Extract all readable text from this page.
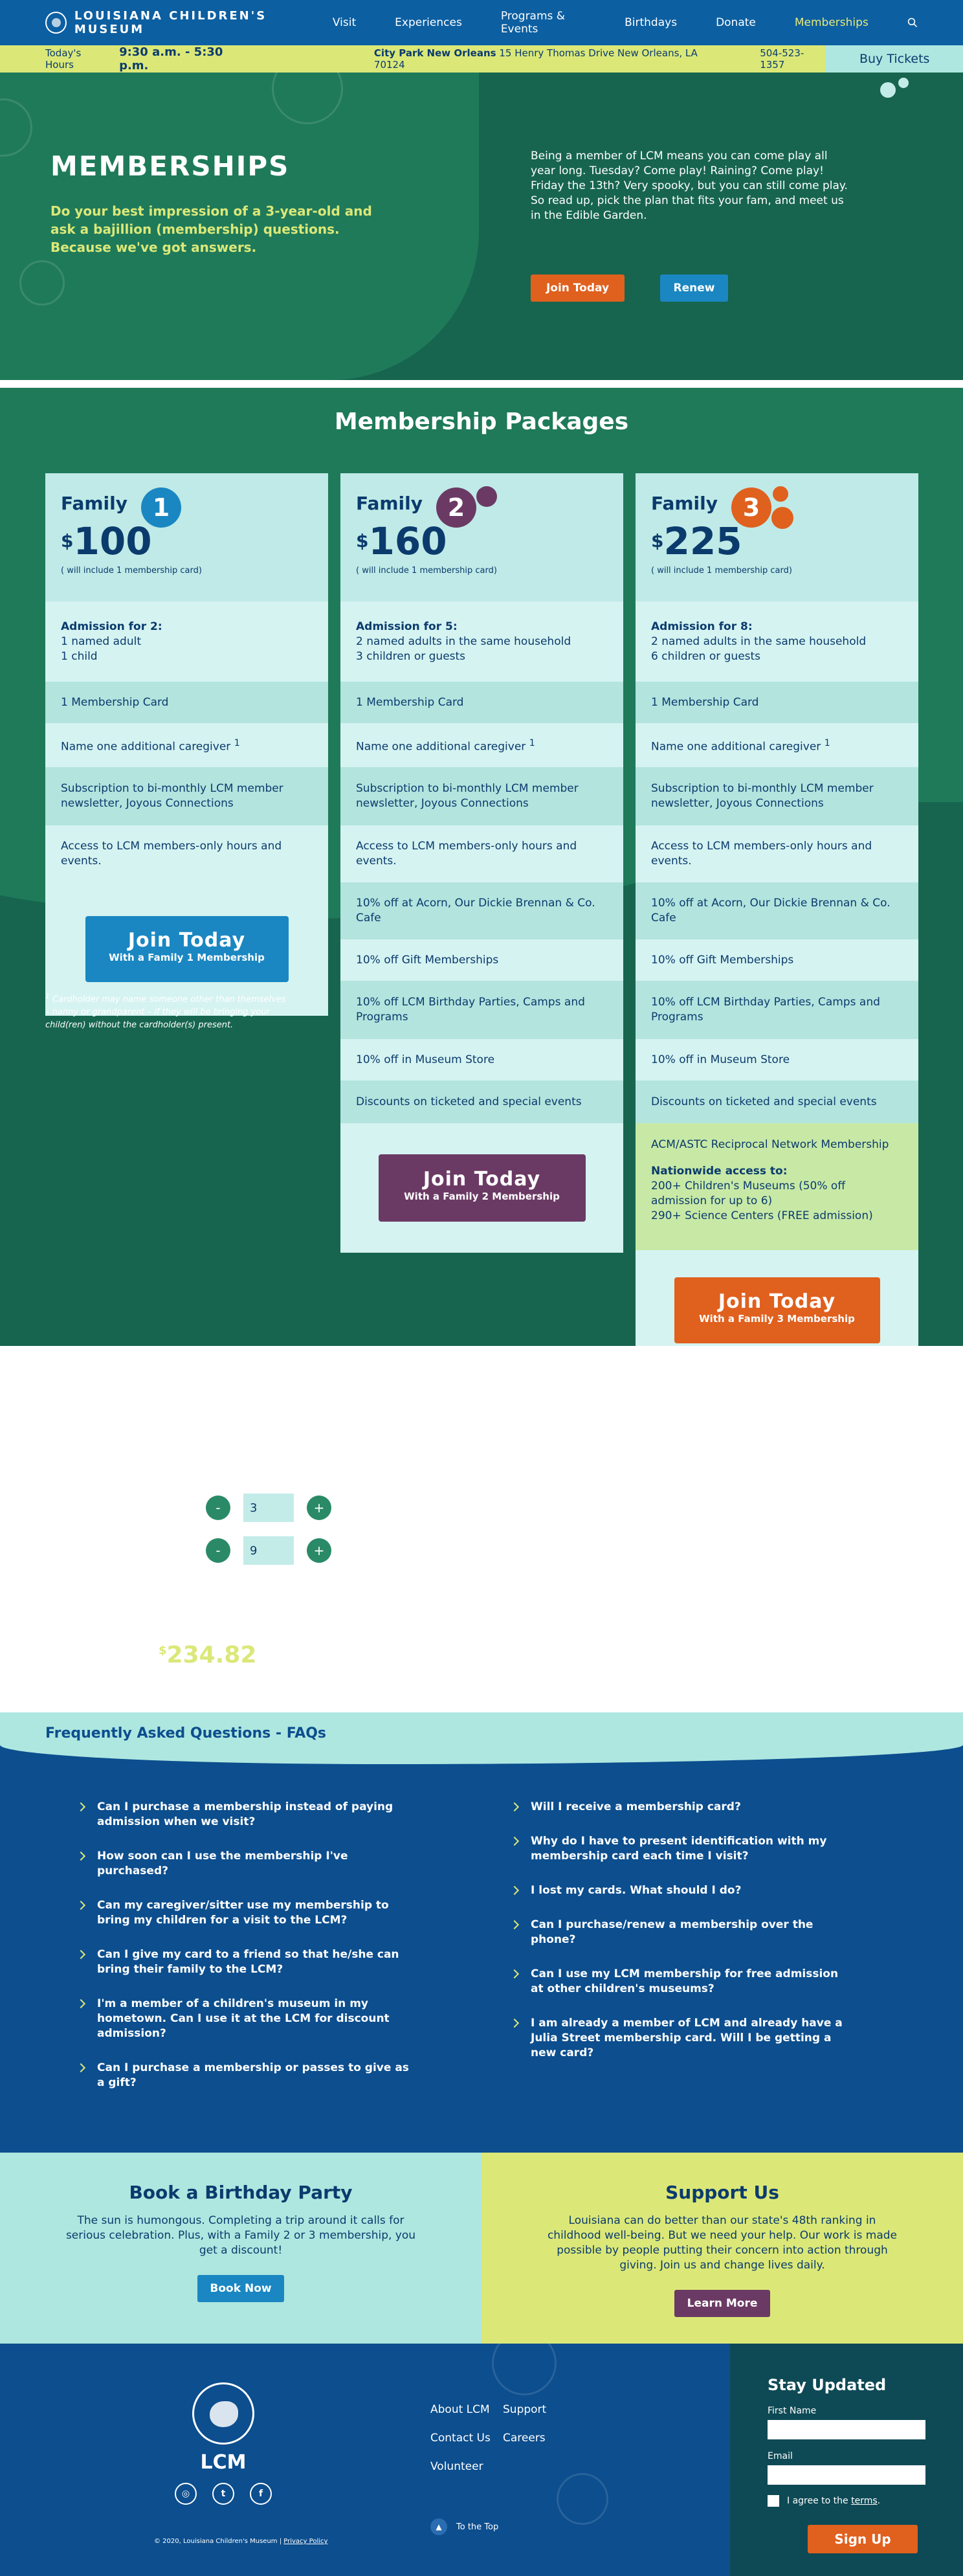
LOUISIANA CHILDREN'S MUSEUM	Visit	Experiences	Programs & Events	Birthdays	Donate	Memberships
Today's Hours
9:30 a.m. - 5:30 p.m.
City Park New Orleans 15 Henry Thomas Drive New Orleans, LA 70124
504-523-1357	Buy Tickets
MEMBERSHIPS

Do your best impression of a 3-year-old and ask a bajillion (membership) questions. Because we've got answers.

Being a member of LCM means you can come play all year long. Tuesday? Come play! Raining? Come play! Friday the 13th? Very spooky, but you can still come play. So read up, pick the plan that fits your fam, and meet us in the Edible Garden.

Join Today	Renew
Membership Packages
Family	1
$100
( will include 1 membership card)
Admission for 2:
1 named adult
1 child
1 Membership Card
Name one additional caregiver $^1$
Subscription to bi-monthly LCM member newsletter, Joyous Connections
Access to LCM members-only hours and events.
Join Today
With a Family 1 Membership
Family	2
$160
( will include 1 membership card)
Admission for 5:
2 named adults in the same household
3 children or guests
1 Membership Card
Name one additional caregiver $^1$
Subscription to bi-monthly LCM member newsletter, Joyous Connections
Access to LCM members-only hours and events.
10% off at Acorn, Our Dickie Brennan & Co. Cafe
10% off Gift Memberships
10% off LCM Birthday Parties, Camps and Programs
10% off in Museum Store
Discounts on ticketed and special events
Join Today
With a Family 2 Membership
Family	3
$225
( will include 1 membership card)
Admission for 8:
2 named adults in the same household
6 children or guests
1 Membership Card
Name one additional caregiver $^1$
Subscription to bi-monthly LCM member newsletter, Joyous Connections
Access to LCM members-only hours and events.
10% off at Acorn, Our Dickie Brennan & Co. Cafe
10% off Gift Memberships
10% off LCM Birthday Parties, Camps and Programs
10% off in Museum Store
Discounts on ticketed and special events
ACM/ASTC Reciprocal Network Membership
Nationwide access to:
200+ Children's Museums (50% off admission for up to 6)
290+ Science Centers (FREE admission)
Join Today
With a Family 3 Membership

$^1$ Cardholder may name someone other than themselves – nanny or grandparent – if they will be bringing your child(ren) without the cardholder(s) present.

Need help deciding if a membership makes sense? Enter your info below and check out how much an annual membership could save you.

No. of Visitors	-	3	+
No. of Visits	-	9	+
Regular admission price: $394.82
Save as much as $234.82 with a Family 2 Membership.
Frequently Asked Questions - FAQs
Can I purchase a membership instead of paying admission when we visit?
How soon can I use the membership I've purchased?
Can my caregiver/sitter use my membership to bring my children for a visit to the LCM?
Can I give my card to a friend so that he/she can bring their family to the LCM?
I'm a member of a children's museum in my hometown. Can I use it at the LCM for discount admission?
Can I purchase a membership or passes to give as a gift?
Will I receive a membership card?
Why do I have to present identification with my membership card each time I visit?
I lost my cards. What should I do?
Can I purchase/renew a membership over the phone?
Can I use my LCM membership for free admission at other children's museums?
I am already a member of LCM and already have a Julia Street membership card. Will I be getting a new card?
Book a Birthday Party

The sun is humongous. Completing a trip around it calls for serious celebration. Plus, with a Family 2 or 3 membership, you get a discount!

Book Now
Support Us

Louisiana can do better than our state's 48th ranking in childhood well-being. But we need your help. Our work is made possible by people putting their concern into action through giving. Join us and change lives daily.

Learn More
LCM
◎	t	f
© 2020, Louisiana Children's Museum | Privacy Policy
About LCM	Support
Contact Us	Careers
Volunteer
▲	To the Top
Stay Updated
First Name
Email
I agree to the terms.
Sign Up
